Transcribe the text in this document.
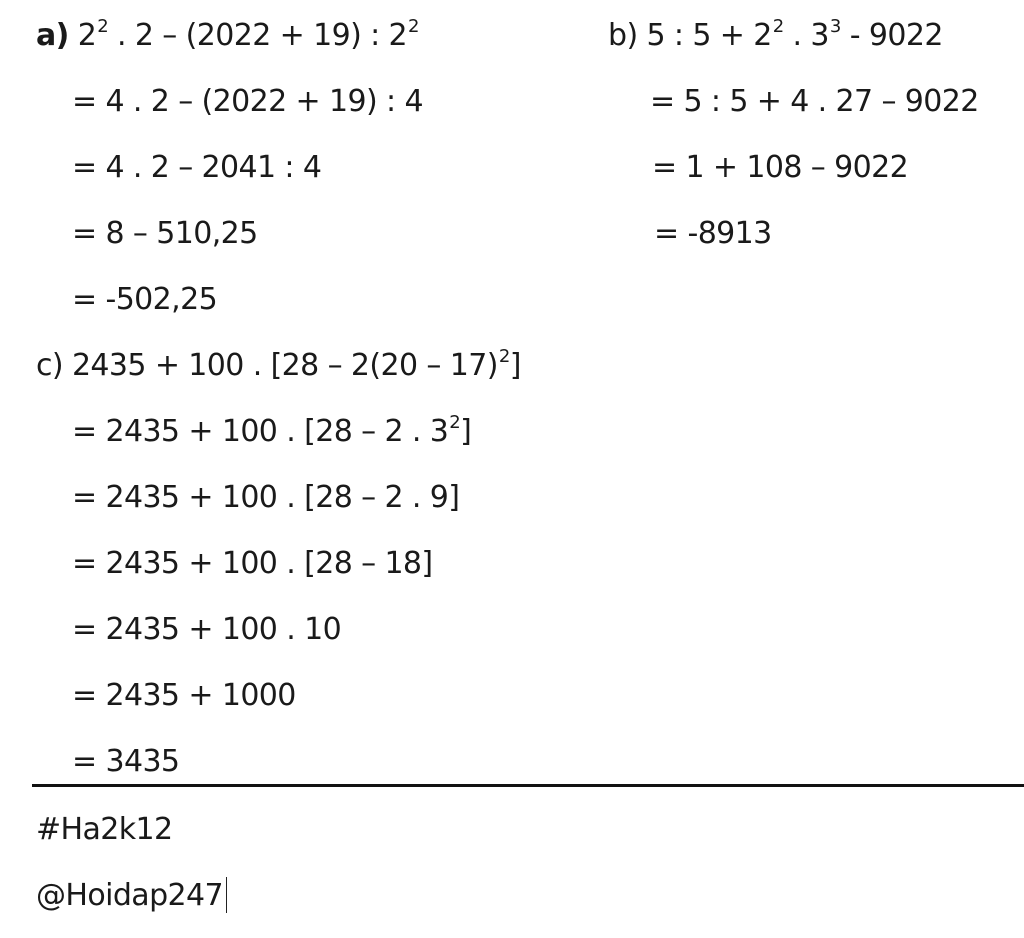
a) $2^2$ . 2 – (2022 + 19) : $2^2$
= 4 . 2 – (2022 + 19) : 4
= 4 . 2 – 2041 : 4
= 8 – 510,25
= -502,25
b) 5 : $5 + 2^2$ . $3^3 - 9022$
= 5 : 5 + 4 . 27 – 9022
= 1 + 108 – 9022
= -8913
c) 2435 + 100 . [28 – 2(20 – 17)$^2$]
= 2435 + 100 . [28 – 2 . $3^2$]
= 2435 + 100 . [28 – 2 . 9]
= 2435 + 100 . [28 – 18]
= 2435 + 100 . 10
= 2435 + 1000
= 3435
#Ha2k12
@Hoidap247
